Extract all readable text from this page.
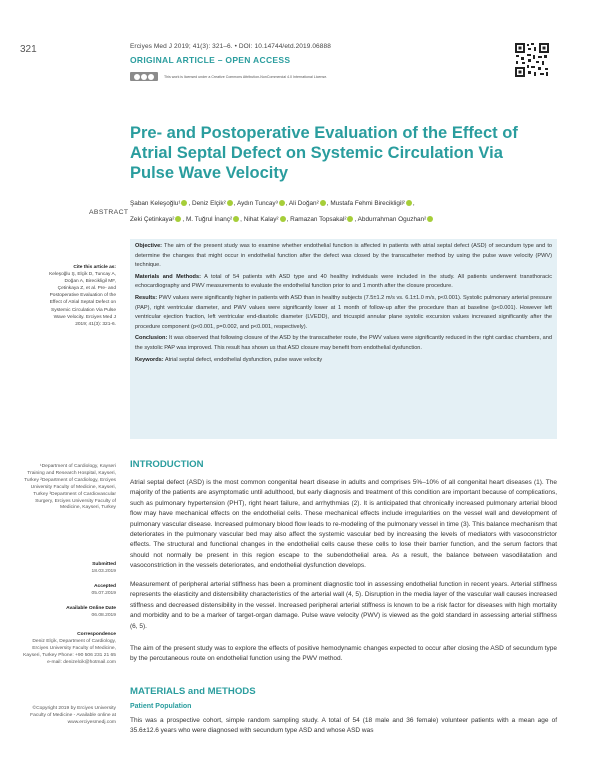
321	Erciyes Med J 2019; 41(3): 321–6. • DOI: 10.14744/etd.2019.06888
ORIGINAL ARTICLE – OPEN ACCESS
This work is licensed under a Creative Commons Attribution-NonCommercial 4.0 International License.
Pre- and Postoperative Evaluation of the Effect of Atrial Septal Defect on Systemic Circulation Via Pulse Wave Velocity
Şaban Keleşoğlu¹ , Deniz Elçik² , Aydın Tuncay³ , Ali Doğan² , Mustafa Fehmi Birecikligil² ,
Zeki Çetinkaya² , M. Tuğrul İnanç² , Nihat Kalay² , Ramazan Topsakal² , Abdurrahman Oguzhan²
ABSTRACT

Objective: The aim of the present study was to examine whether endothelial function is affected in patients with atrial septal defect (ASD) of secundum type and to determine the changes that might occur in endothelial function after the defect was closed by the transcatheter method by using the pulse wave velocity (PWV) technique.

Materials and Methods: A total of 54 patients with ASD type and 40 healthy individuals were included in the study. All patients underwent transthoracic echocardiography and PWV measurements to evaluate the endothelial function prior to and 1 month after the closure procedure.

Results: PWV values were significantly higher in patients with ASD than in healthy subjects (7.5±1.2 m/s vs. 6.1±1.0 m/s, p<0.001). Systolic pulmonary arterial pressure (PAP), right ventricular diameter, and PWV values were significantly lower at 1 month of follow-up after the procedure than at baseline (p<0.001). However left ventricular ejection fraction, left ventricular end-diastolic diameter (LVEDD), and tricuspid annular plane systolic excursion values increased significantly after the procedure component (p<0.001, p=0.002, and p<0.001, respectively).

Conclusion: It was observed that following closure of the ASD by the transcatheter route, the PWV values were significantly reduced in the right cardiac chambers, and the systolic PAP was improved. This result has shown us that ASD closure may benefit from endothelial dysfunction.

Keywords: Atrial septal defect, endothelial dysfunction, pulse wave velocity

Cite this article as:
Keleşoğlu Ş, Elçik D, Tuncay A, Doğan A, Birecikligil MF, Çetinkaya Z, et al. Pre- and Postoperative Evaluation of the Effect of Atrial Septal Defect on Systemic Circulation Via Pulse Wave Velocity. Erciyes Med J 2019; 41(3): 321-6.
¹Department of Cardiology, Kayseri Training and Research Hospital, Kayseri, Turkey ²Department of Cardiology, Erciyes University Faculty of Medicine, Kayseri, Turkey ³Department of Cardiovascular Surgery, Erciyes University Faculty of Medicine, Kayseri, Turkey
Submitted
18.03.2019
Accepted
05.07.2019
Available Online Date
06.08.2019
Correspondence
Deniz Elçik, Department of Cardiology, Erciyes University Faculty of Medicine, Kayseri, Turkey Phone: +90 506 231 21 65 e-mail: denizelcik@hotmail.com
©Copyright 2019 by Erciyes University Faculty of Medicine - Available online at www.erciyesmedj.com
INTRODUCTION

Atrial septal defect (ASD) is the most common congenital heart disease in adults and comprises 5%–10% of all congenital heart diseases (1). The majority of the patients are asymptomatic until adulthood, but early diagnosis and treatment of this condition are important because of complications, such as pulmonary hypertension (PHT), right heart failure, and arrhythmias (2). It is anticipated that chronically increased pulmonary arterial blood flow may have mechanical effects on the endothelial cells. These mechanical effects include irregularities on the vessel wall and development of pulmonary vascular disease. Increased pulmonary blood flow leads to re-modeling of the pulmonary vessel in time (3). This balance mechanism that deteriorates in the pulmonary vascular bed may also affect the systemic vascular bed by increasing the levels of mediators with vasoconstrictor effects. The structural and functional changes in the endothelial cells cause these cells to lose their barrier function, and the serum factors that should not normally be present in this region escape to the subendothelial area. As a result, the balance between vasodilatation and vasoconstriction in the vessels deteriorates, and endothelial dysfunction develops.

Measurement of peripheral arterial stiffness has been a prominent diagnostic tool in assessing endothelial function in recent years. Arterial stiffness represents the elasticity and distensibility characteristics of the arterial wall (4, 5). Disruption in the media layer of the vascular wall causes increased stiffness and decreased distensibility in the vessel. Increased peripheral arterial stiffness is known to be a risk factor for diseases with high mortality and morbidity and to be a marker of target-organ damage. Pulse wave velocity (PWV) is viewed as the gold standard in assessing arterial stiffness (6, 5).

The aim of the present study was to explore the effects of positive hemodynamic changes expected to occur after closing the ASD of secundum type by the percutaneous route on endothelial function using the PWV method.

MATERIALS and METHODS
Patient Population

This was a prospective cohort, simple random sampling study. A total of 54 (18 male and 36 female) volunteer patients with a mean age of 35.6±12.6 years who were diagnosed with secundum type ASD and whose ASD was
